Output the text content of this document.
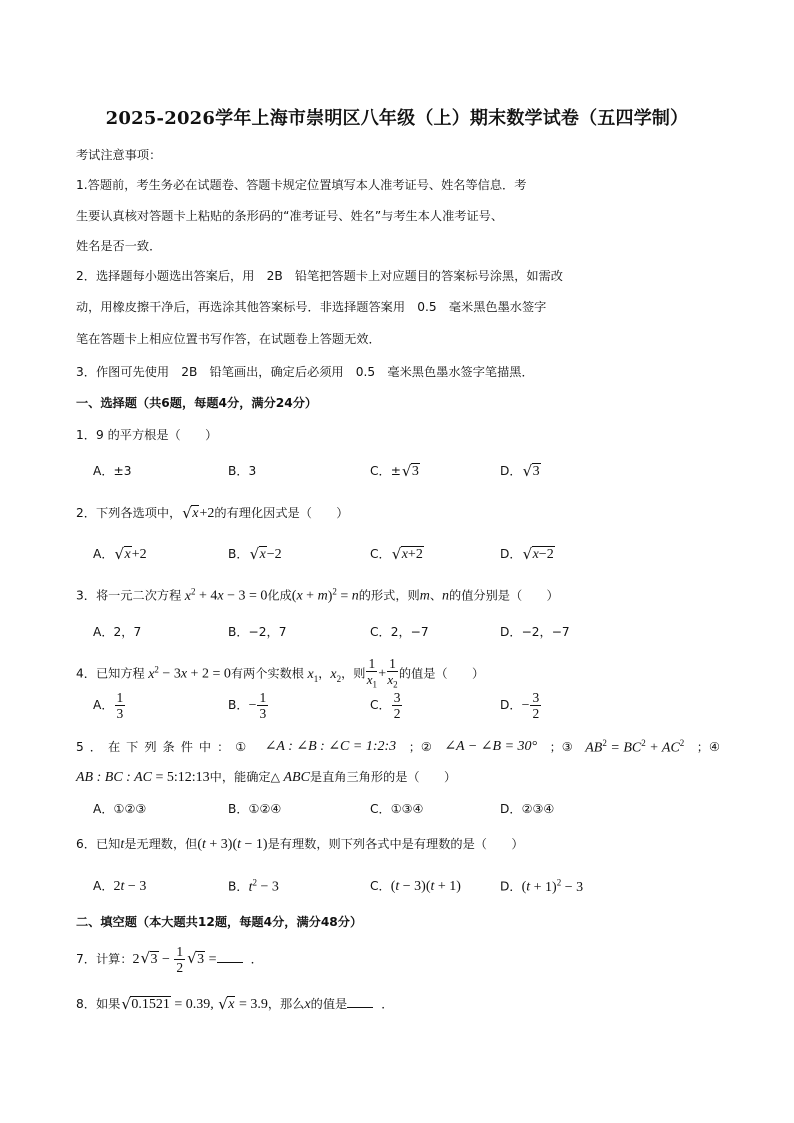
2025-2026学年上海市崇明区八年级（上）期末数学试卷（五四学制）
考试注意事项：
1.答题前，考生务必在试题卷、答题卡规定位置填写本人准考证号、姓名等信息．考
生要认真核对答题卡上粘贴的条形码的“准考证号、姓名”与考生本人准考证号、
姓名是否一致．
2．选择题每小题选出答案后，用　2B　铅笔把答题卡上对应题目的答案标号涂黑，如需改
动，用橡皮擦干净后，再选涂其他答案标号．非选择题答案用　0.5　毫米黑色墨水签字
笔在答题卡上相应位置书写作答，在试题卷上答题无效．
3．作图可先使用　2B　铅笔画出，确定后必须用　0.5　毫米黑色墨水签字笔描黑．
一、选择题（共6题，每题4分，满分24分）
1．9 的平方根是（　　）
A．±3	B．3	C．± √ 3	D． √ 3
2．下列各选项中， √ x+2的有理化因式是（　　）
A． √ x+2	B． √ x−2	C． √ x+2	D． √ x−2
3．将一元二次方程 $x^2 + 4x - 3 = 0$化成$(x + m)^2 = n$的形式，则m、n的值分别是（　　）
A．2，7	B．−2，7	C．2，−7	D．−2，−7
4．已知方程 $x^2 - 3x + 2 = 0$有两个实数根 $x_1$，$x_2$，则 $\frac{1}{x_1} + \frac{1}{x_2}$ 的值是（　　）
A． $\frac{1}{3}$	B．− $\frac{1}{3}$	C． $\frac{3}{2}$	D．− $\frac{3}{2}$
5．在下列条件中：① ∠A : ∠B : ∠C = 1:2:3 ；② ∠A − ∠B = 30° ；③ $AB^2 = BC^2 + AC^2$ ；④
AB : BC : AC = 5:12:13中，能确定△ ABC是直角三角形的是（　　）
A．①②③	B．①②④	C．①③④	D．②③④
6．已知t是无理数，但(t + 3)(t − 1)是有理数，则下列各式中是有理数的是（　　）
A．2t − 3	B．$t^2 - 3$	C．(t − 3)(t + 1)	D．$(t + 1)^2 - 3$
二、填空题（本大题共12题，每题4分，满分48分）
7．计算：2 √ $3 - \frac{1}{2}$ √ 3 =	．
8．如果 √ 0.1521 = 0.39, √ x = 3.9，那么x的值是	．
